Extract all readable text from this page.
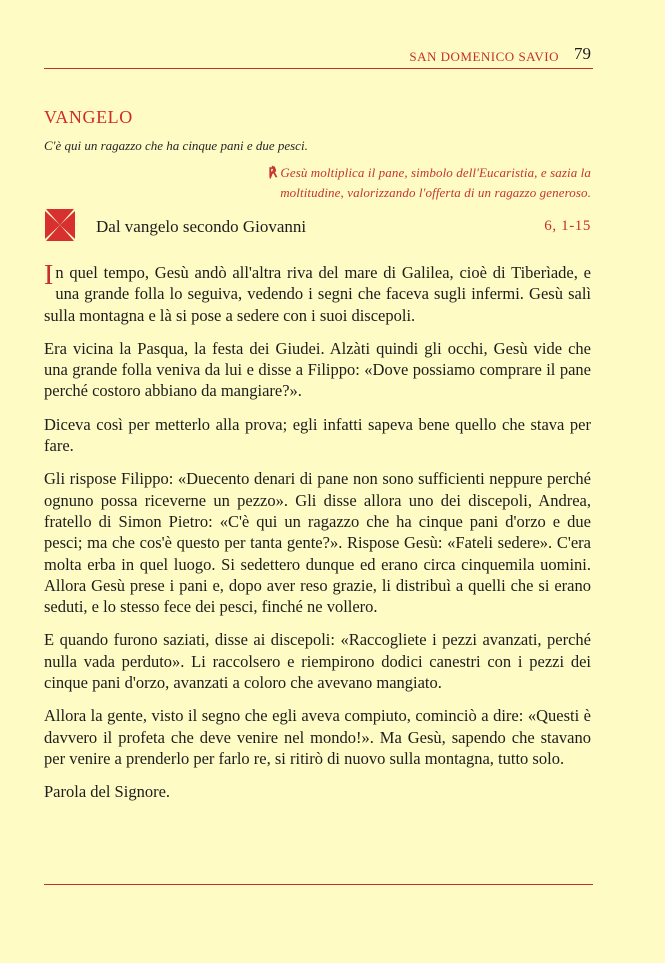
SAN DOMENICO SAVIO 79
VANGELO
C'è qui un ragazzo che ha cinque pani e due pesci.
℟ Gesù moltiplica il pane, simbolo dell'Eucaristia, e sazia la
moltitudine, valorizzando l'offerta di un ragazzo generoso.
Dal vangelo secondo Giovanni	6, 1-15

In quel tempo, Gesù andò all'altra riva del mare di Galilea, cioè di Tiberìade, e una grande folla lo seguiva, vedendo i segni che faceva sugli infermi. Gesù salì sulla montagna e là si pose a sedere con i suoi discepoli.

Era vicina la Pasqua, la festa dei Giudei. Alzàti quindi gli occhi, Gesù vide che una grande folla veniva da lui e disse a Filippo: «Dove possiamo comprare il pane perché costoro abbiano da mangiare?».

Diceva così per metterlo alla prova; egli infatti sapeva bene quello che stava per fare.

Gli rispose Filippo: «Duecento denari di pane non sono sufficienti neppure perché ognuno possa riceverne un pezzo». Gli disse allora uno dei discepoli, Andrea, fratello di Simon Pietro: «C'è qui un ragazzo che ha cinque pani d'orzo e due pesci; ma che cos'è questo per tanta gente?». Rispose Gesù: «Fateli sedere». C'era molta erba in quel luogo. Si sedettero dunque ed erano circa cinquemila uomini. Allora Gesù prese i pani e, dopo aver reso grazie, li distribuì a quelli che si erano seduti, e lo stesso fece dei pesci, finché ne vollero.

E quando furono saziati, disse ai discepoli: «Raccogliete i pezzi avanzati, perché nulla vada perduto». Li raccolsero e riempirono dodici canestri con i pezzi dei cinque pani d'orzo, avanzati a coloro che avevano mangiato.

Allora la gente, visto il segno che egli aveva compiuto, cominciò a dire: «Questi è davvero il profeta che deve venire nel mondo!». Ma Gesù, sapendo che stavano per venire a prenderlo per farlo re, si ritirò di nuovo sulla montagna, tutto solo.

Parola del Signore.
